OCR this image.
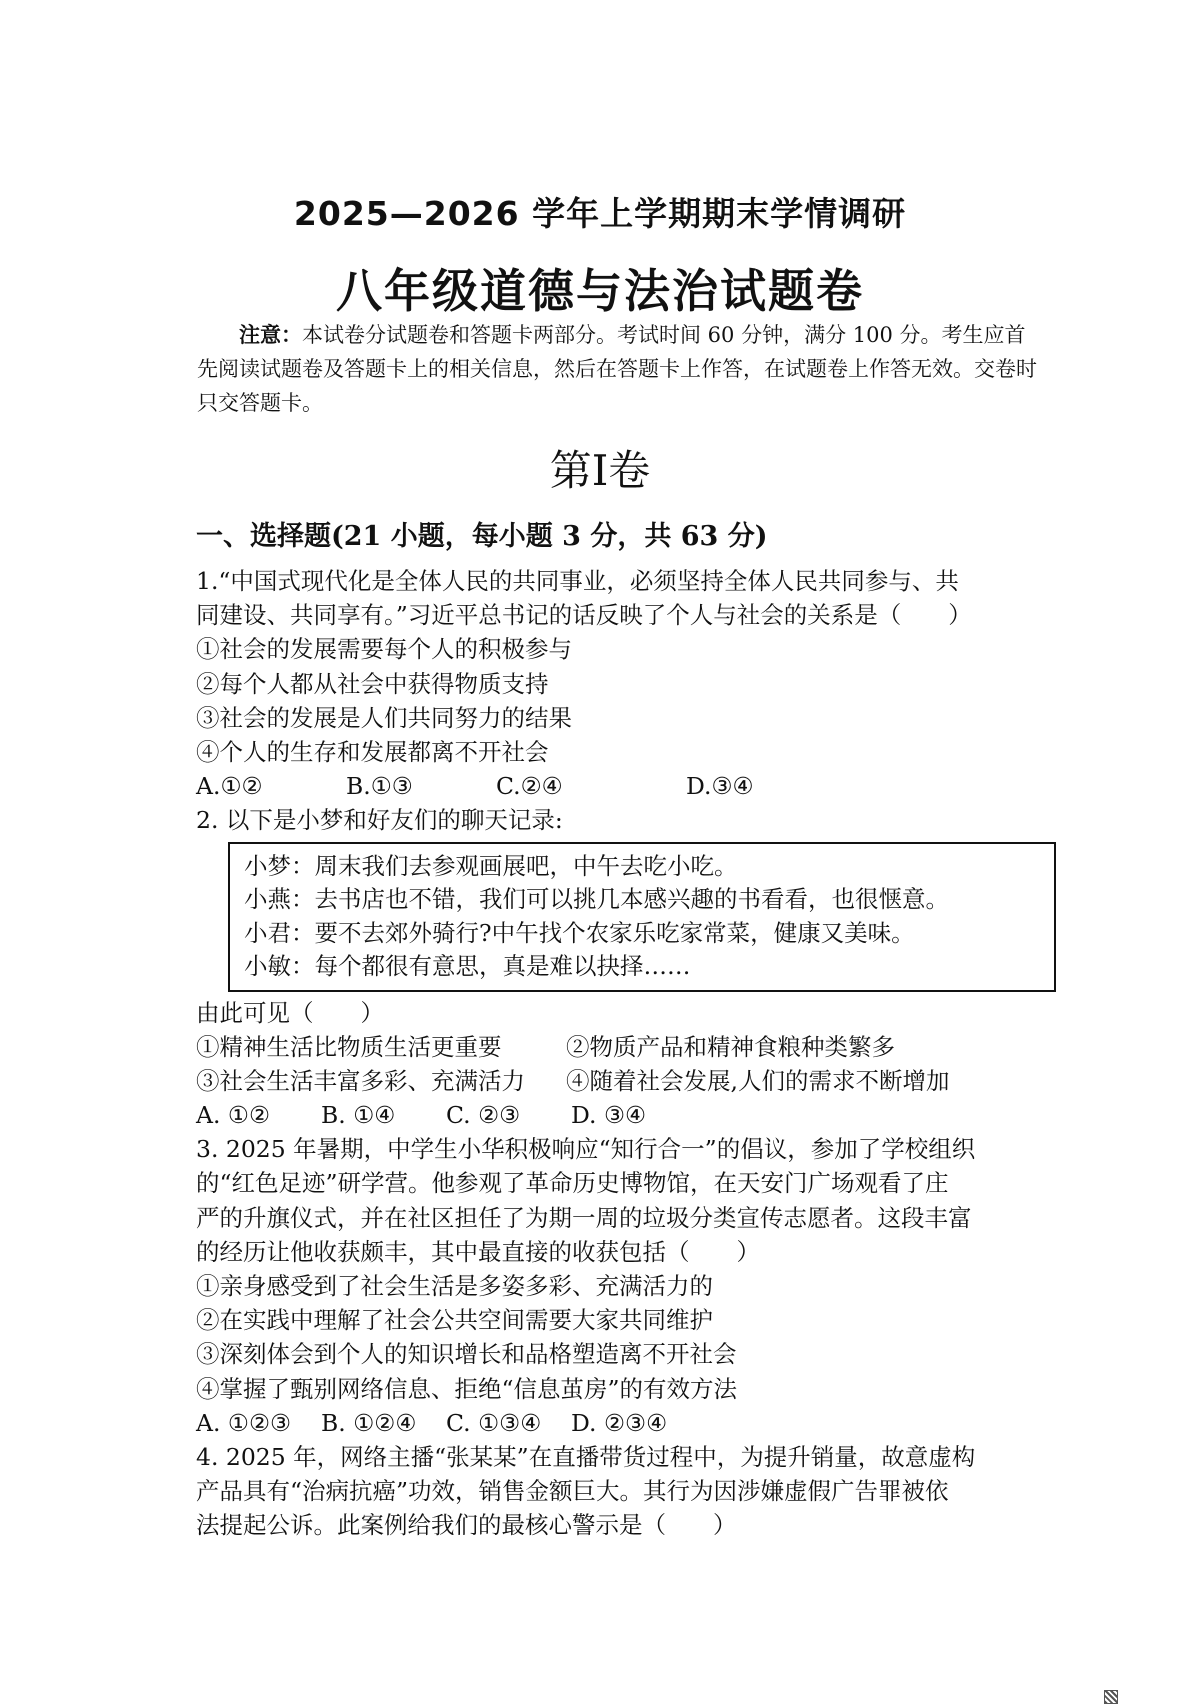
2025—2026 学年上学期期末学情调研
八年级道德与法治试题卷
注意：本试卷分试题卷和答题卡两部分。考试时间 60 分钟，满分 100 分。考生应首先阅读试题卷及答题卡上的相关信息，然后在答题卡上作答，在试题卷上作答无效。交卷时只交答题卡。
第I卷
一、选择题(21 小题，每小题 3 分，共 63 分)
1.“中国式现代化是全体人民的共同事业，必须坚持全体人民共同参与、共
同建设、共同享有。”习近平总书记的话反映了个人与社会的关系是（　　）
①社会的发展需要每个人的积极参与
②每个人都从社会中获得物质支持
③社会的发展是人们共同努力的结果
④个人的生存和发展都离不开社会
A.①②	B.①③	C.②④	D.③④
2. 以下是小梦和好友们的聊天记录:
小梦：周末我们去参观画展吧，中午去吃小吃。
小燕：去书店也不错，我们可以挑几本感兴趣的书看看，也很惬意。
小君：要不去郊外骑行?中午找个农家乐吃家常菜，健康又美味。
小敏：每个都很有意思，真是难以抉择……
由此可见（　　）
①精神生活比物质生活更重要	②物质产品和精神食粮种类繁多
③社会生活丰富多彩、充满活力	④随着社会发展,人们的需求不断增加
A. ①②	B. ①④	C. ②③	D. ③④
3. 2025 年暑期，中学生小华积极响应“知行合一”的倡议，参加了学校组织
的“红色足迹”研学营。他参观了革命历史博物馆，在天安门广场观看了庄
严的升旗仪式，并在社区担任了为期一周的垃圾分类宣传志愿者。这段丰富
的经历让他收获颇丰，其中最直接的收获包括（　　）
①亲身感受到了社会生活是多姿多彩、充满活力的
②在实践中理解了社会公共空间需要大家共同维护
③深刻体会到个人的知识增长和品格塑造离不开社会
④掌握了甄别网络信息、拒绝“信息茧房”的有效方法
A. ①②③	B. ①②④	C. ①③④	D. ②③④
4. 2025 年，网络主播“张某某”在直播带货过程中，为提升销量，故意虚构
产品具有“治病抗癌”功效，销售金额巨大。其行为因涉嫌虚假广告罪被依
法提起公诉。此案例给我们的最核心警示是（　　）
